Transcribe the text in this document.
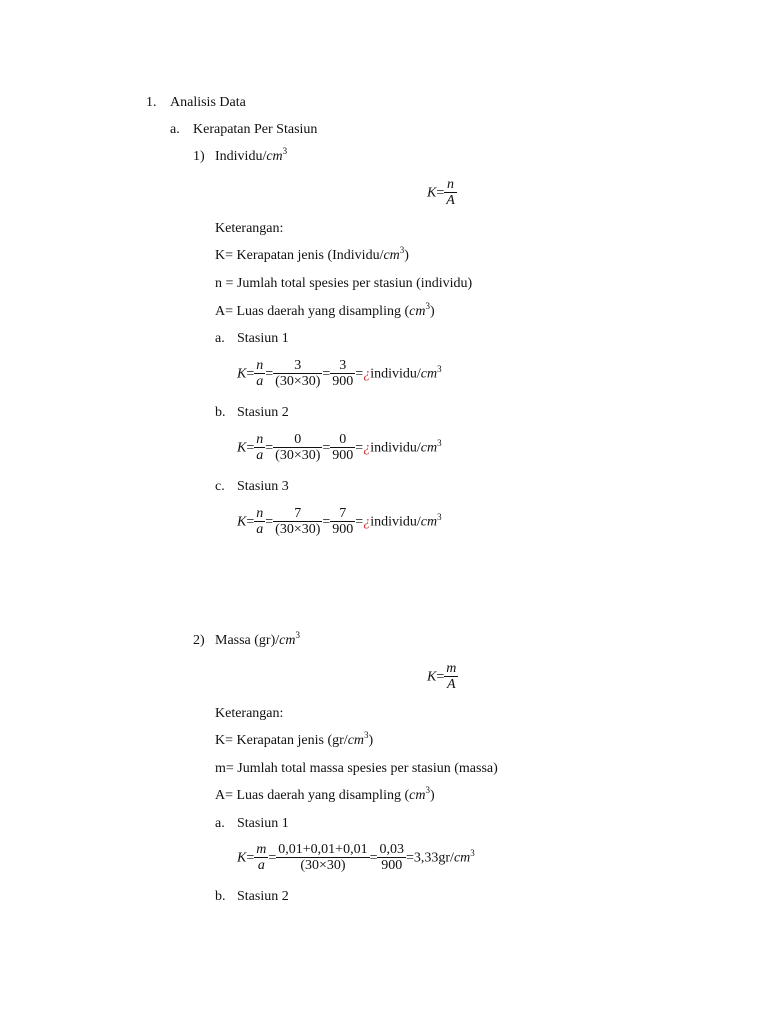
1. Analisis Data
a. Kerapatan Per Stasiun
1) Individu/$cm^3$
$K= \frac{n}{A}$
Keterangan:
K= Kerapatan jenis $(Individu/cm^3)$
n = Jumlah total spesies per stasiun (individu)
A= Luas daerah yang disampling $(cm^3)$
a. Stasiun 1
$K= \frac{n}{a} = \frac{3}{(30\times 30)} = \frac{3}{900}$ $=¿individu/cm^3$
b. Stasiun 2
$K= \frac{n}{a} = \frac{0}{(30\times 30)} = \frac{0}{900}$ $=¿individu/cm^3$
c. Stasiun 3
$K= \frac{n}{a} = \frac{7}{(30\times 30)} = \frac{7}{900}$ $=¿individu/cm^3$
2) Massa $(gr)/cm^3$
$K= \frac{m}{A}$
Keterangan:
K= Kerapatan jenis $(gr/cm^3)$
m= Jumlah total massa spesies per stasiun (massa)
A= Luas daerah yang disampling $(cm^3)$
a. Stasiun 1
$K= \frac{m}{a} = \frac{0,01+0,01+0,01}{(30\times 30)} = \frac{0,03}{900} =3,33gr/cm^3$
b. Stasiun 2
